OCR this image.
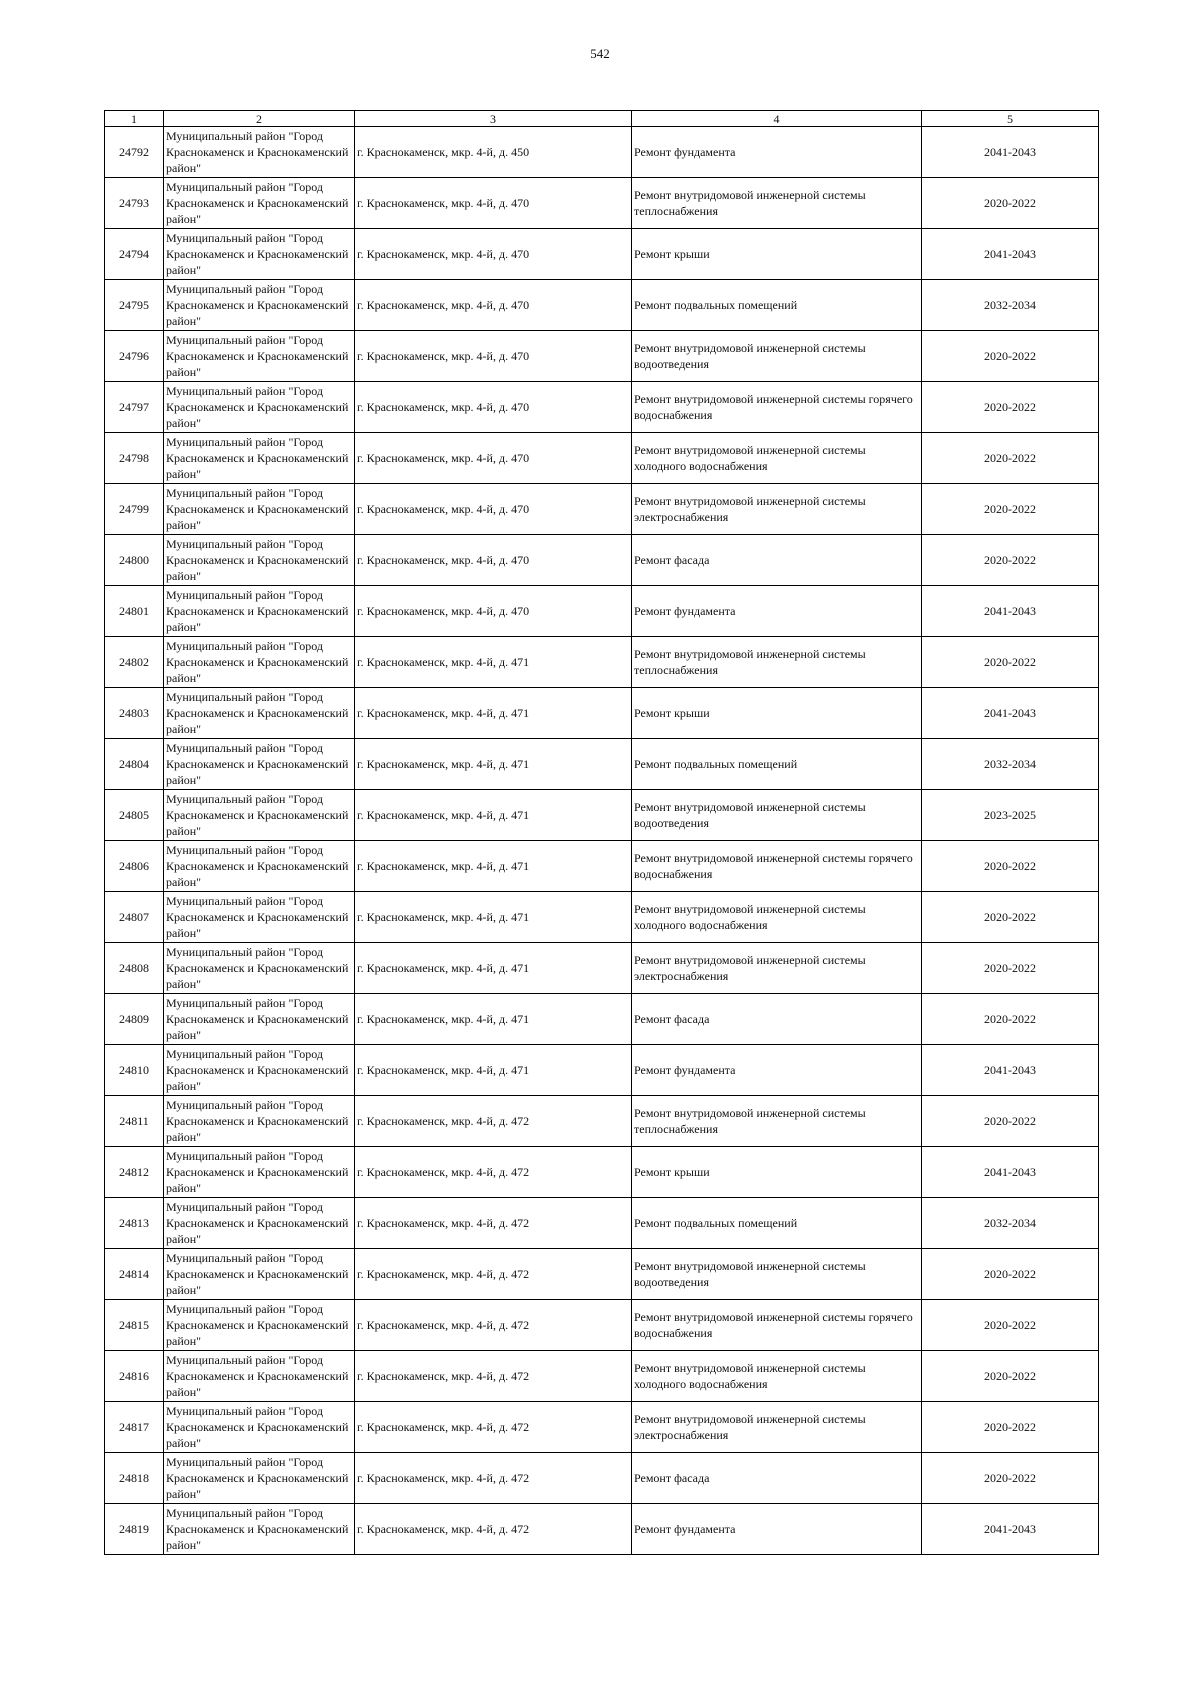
542
1	2	3	4	5
24792	Муниципальный район "Город Краснокаменск и Краснокаменский район"	г. Краснокаменск, мкр. 4-й, д. 450	Ремонт фундамента	2041-2043
24793	Муниципальный район "Город Краснокаменск и Краснокаменский район"	г. Краснокаменск, мкр. 4-й, д. 470	Ремонт внутридомовой инженерной системы теплоснабжения	2020-2022
24794	Муниципальный район "Город Краснокаменск и Краснокаменский район"	г. Краснокаменск, мкр. 4-й, д. 470	Ремонт крыши	2041-2043
24795	Муниципальный район "Город Краснокаменск и Краснокаменский район"	г. Краснокаменск, мкр. 4-й, д. 470	Ремонт подвальных помещений	2032-2034
24796	Муниципальный район "Город Краснокаменск и Краснокаменский район"	г. Краснокаменск, мкр. 4-й, д. 470	Ремонт внутридомовой инженерной системы водоотведения	2020-2022
24797	Муниципальный район "Город Краснокаменск и Краснокаменский район"	г. Краснокаменск, мкр. 4-й, д. 470	Ремонт внутридомовой инженерной системы горячего водоснабжения	2020-2022
24798	Муниципальный район "Город Краснокаменск и Краснокаменский район"	г. Краснокаменск, мкр. 4-й, д. 470	Ремонт внутридомовой инженерной системы холодного водоснабжения	2020-2022
24799	Муниципальный район "Город Краснокаменск и Краснокаменский район"	г. Краснокаменск, мкр. 4-й, д. 470	Ремонт внутридомовой инженерной системы электроснабжения	2020-2022
24800	Муниципальный район "Город Краснокаменск и Краснокаменский район"	г. Краснокаменск, мкр. 4-й, д. 470	Ремонт фасада	2020-2022
24801	Муниципальный район "Город Краснокаменск и Краснокаменский район"	г. Краснокаменск, мкр. 4-й, д. 470	Ремонт фундамента	2041-2043
24802	Муниципальный район "Город Краснокаменск и Краснокаменский район"	г. Краснокаменск, мкр. 4-й, д. 471	Ремонт внутридомовой инженерной системы теплоснабжения	2020-2022
24803	Муниципальный район "Город Краснокаменск и Краснокаменский район"	г. Краснокаменск, мкр. 4-й, д. 471	Ремонт крыши	2041-2043
24804	Муниципальный район "Город Краснокаменск и Краснокаменский район"	г. Краснокаменск, мкр. 4-й, д. 471	Ремонт подвальных помещений	2032-2034
24805	Муниципальный район "Город Краснокаменск и Краснокаменский район"	г. Краснокаменск, мкр. 4-й, д. 471	Ремонт внутридомовой инженерной системы водоотведения	2023-2025
24806	Муниципальный район "Город Краснокаменск и Краснокаменский район"	г. Краснокаменск, мкр. 4-й, д. 471	Ремонт внутридомовой инженерной системы горячего водоснабжения	2020-2022
24807	Муниципальный район "Город Краснокаменск и Краснокаменский район"	г. Краснокаменск, мкр. 4-й, д. 471	Ремонт внутридомовой инженерной системы холодного водоснабжения	2020-2022
24808	Муниципальный район "Город Краснокаменск и Краснокаменский район"	г. Краснокаменск, мкр. 4-й, д. 471	Ремонт внутридомовой инженерной системы электроснабжения	2020-2022
24809	Муниципальный район "Город Краснокаменск и Краснокаменский район"	г. Краснокаменск, мкр. 4-й, д. 471	Ремонт фасада	2020-2022
24810	Муниципальный район "Город Краснокаменск и Краснокаменский район"	г. Краснокаменск, мкр. 4-й, д. 471	Ремонт фундамента	2041-2043
24811	Муниципальный район "Город Краснокаменск и Краснокаменский район"	г. Краснокаменск, мкр. 4-й, д. 472	Ремонт внутридомовой инженерной системы теплоснабжения	2020-2022
24812	Муниципальный район "Город Краснокаменск и Краснокаменский район"	г. Краснокаменск, мкр. 4-й, д. 472	Ремонт крыши	2041-2043
24813	Муниципальный район "Город Краснокаменск и Краснокаменский район"	г. Краснокаменск, мкр. 4-й, д. 472	Ремонт подвальных помещений	2032-2034
24814	Муниципальный район "Город Краснокаменск и Краснокаменский район"	г. Краснокаменск, мкр. 4-й, д. 472	Ремонт внутридомовой инженерной системы водоотведения	2020-2022
24815	Муниципальный район "Город Краснокаменск и Краснокаменский район"	г. Краснокаменск, мкр. 4-й, д. 472	Ремонт внутридомовой инженерной системы горячего водоснабжения	2020-2022
24816	Муниципальный район "Город Краснокаменск и Краснокаменский район"	г. Краснокаменск, мкр. 4-й, д. 472	Ремонт внутридомовой инженерной системы холодного водоснабжения	2020-2022
24817	Муниципальный район "Город Краснокаменск и Краснокаменский район"	г. Краснокаменск, мкр. 4-й, д. 472	Ремонт внутридомовой инженерной системы электроснабжения	2020-2022
24818	Муниципальный район "Город Краснокаменск и Краснокаменский район"	г. Краснокаменск, мкр. 4-й, д. 472	Ремонт фасада	2020-2022
24819	Муниципальный район "Город Краснокаменск и Краснокаменский район"	г. Краснокаменск, мкр. 4-й, д. 472	Ремонт фундамента	2041-2043
